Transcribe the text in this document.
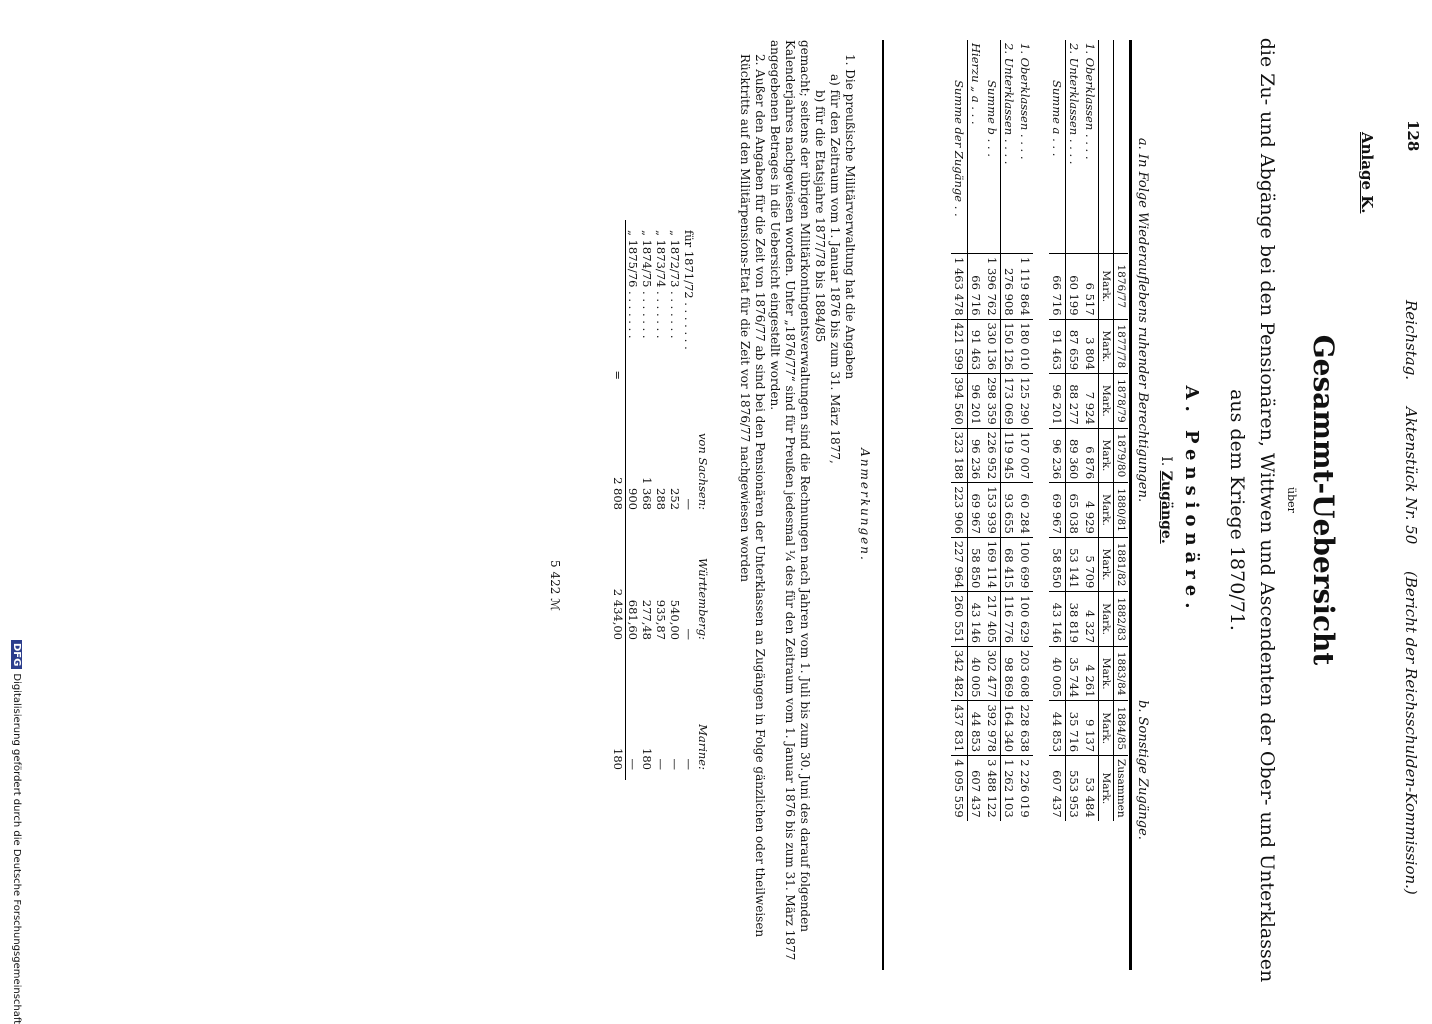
128
Reichstag. Aktenstück Nr. 50 (Bericht der Reichsschulden-Kommission.)
Anlage K.
Gesammt-Uebersicht
über
die Zu- und Abgänge bei den Pensionären, Wittwen und Ascendenten der Ober- und Unterklassen aus dem Kriege 1870/71.
A. Pensionäre.
I. Zugänge.
a. In Folge Wiederauflebens ruhender Berechtigungen.
b. Sonstige Zugänge.
	1876/77	1877/78	1878/79	1879/80	1880/81	1881/82	1882/83	1883/84	1884/85	Zusammen
	Mark.	Mark.	Mark.	Mark.	Mark.	Mark.	Mark.	Mark.	Mark.	Mark.
1. Oberklassen . . . .	6 517	3 804	7 924	6 876	4 929	5 709	4 327	4 261	9 137	53 484
2. Unterklassen . . . .	60 199	87 659	88 277	89 360	65 038	53 141	38 819	35 744	35 716	553 953
Summe a . . .	66 716	91 463	96 201	96 236	69 967	58 850	43 146	40 005	44 853	607 437

1. Oberklassen . . . .	1 119 864	180 010	125 290	107 007	60 284	100 699	100 629	203 608	228 638	2 226 019
2. Unterklassen . . . .	276 908	150 126	173 069	119 945	93 655	68 415	116 776	98 869	164 340	1 262 103
Summe b . . .	1 396 762	330 136	298 359	226 952	153 939	169 114	217 405	302 477	392 978	3 488 122
Hierzu „ a . . .	66 716	91 463	96 201	96 236	69 967	58 850	43 146	40 005	44 853	607 437
Summe der Zugänge . .	1 463 478	421 599	394 560	323 188	223 906	227 964	260 551	342 482	437 831	4 095 559

Anmerkungen.

1. Die preußische Militärverwaltung hat die Angaben

a) für den Zeitraum vom 1. Januar 1876 bis zum 31. März 1877,

b) für die Etatsjahre 1877/78 bis 1884/85

gemacht; seitens der übrigen Militärkontingentsverwaltungen sind die Rechnungen nach Jahren vom 1. Juli bis zum 30. Juni des darauf folgenden Kalenderjahres nachgewiesen worden. Unter „1876/77“ sind für Preußen jedesmal ¼ des für den Zeitraum vom 1. Januar 1876 bis zum 31. März 1877 angegebenen Betrages in die Uebersicht eingestellt worden.

2. Außer den Angaben für die Zeit von 1876/77 ab sind bei den Pensionären der Unterklassen an Zugängen in Folge gänzlichen oder theilweisen Rücktritts auf den Militärpensions-Etat für die Zeit vor 1876/77 nachgewiesen worden

	von Sachsen:	Württemberg:	Marine:
für 1871/72 . . . . . . .	—	—	—
„ 1872/73 . . . . . . .	252	540,00	—
„ 1873/74 . . . . . . .	288	935,87	—
„ 1874/75 . . . . . . .	1 368	277,48	180
„ 1875/76 . . . . . . .	900	681,60	—
=	2 808	2 434,00	180
5 422 ℳ
DFGDigitalisierung gefördert durch die Deutsche Forschungsgemeinschaft
